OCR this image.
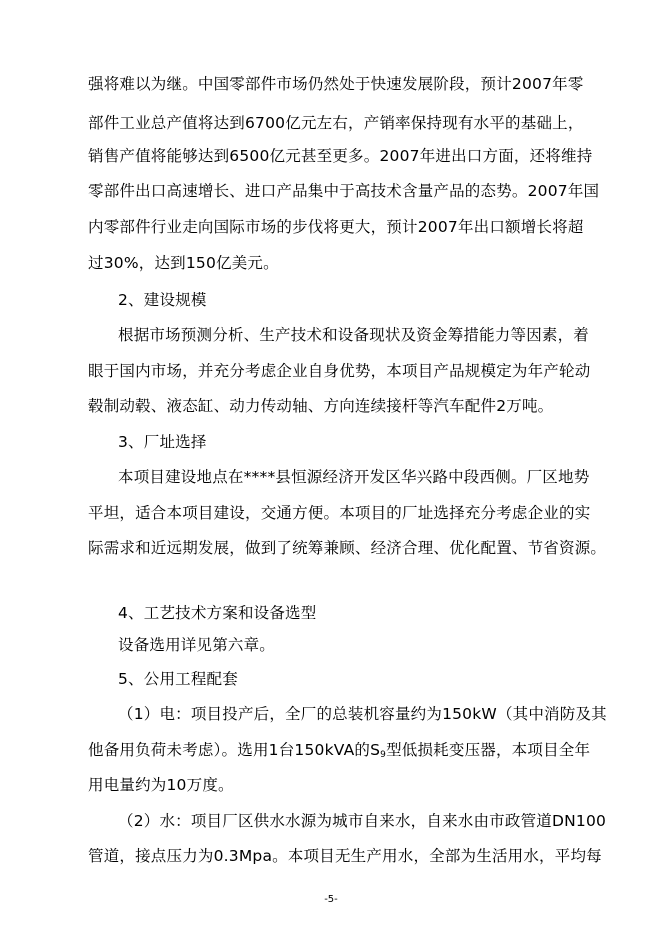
强将难以为继。中国零部件市场仍然处于快速发展阶段，预计2007年零
部件工业总产值将达到6700亿元左右，产销率保持现有水平的基础上，
销售产值将能够达到6500亿元甚至更多。2007年进出口方面，还将维持
零部件出口高速增长、进口产品集中于高技术含量产品的态势。2007年国
内零部件行业走向国际市场的步伐将更大，预计2007年出口额增长将超
过30%，达到150亿美元。
2、建设规模
根据市场预测分析、生产技术和设备现状及资金筹措能力等因素，着
眼于国内市场，并充分考虑企业自身优势，本项目产品规模定为年产轮动
毂制动毂、液态缸、动力传动轴、方向连续接杆等汽车配件2万吨。
3、厂址选择
本项目建设地点在****县恒源经济开发区华兴路中段西侧。厂区地势
平坦，适合本项目建设，交通方便。本项目的厂址选择充分考虑企业的实
际需求和近远期发展，做到了统筹兼顾、经济合理、优化配置、节省资源。
4、工艺技术方案和设备选型
设备选用详见第六章。
5、公用工程配套
（1）电：项目投产后，全厂的总装机容量约为150kW（其中消防及其
他备用负荷未考虑）。选用1台150kVA的$S_9$型低损耗变压器，本项目全年
用电量约为10万度。
（2）水：项目厂区供水水源为城市自来水，自来水由市政管道DN100
管道，接点压力为0.3Mpa。本项目无生产用水，全部为生活用水，平均每
-5-
